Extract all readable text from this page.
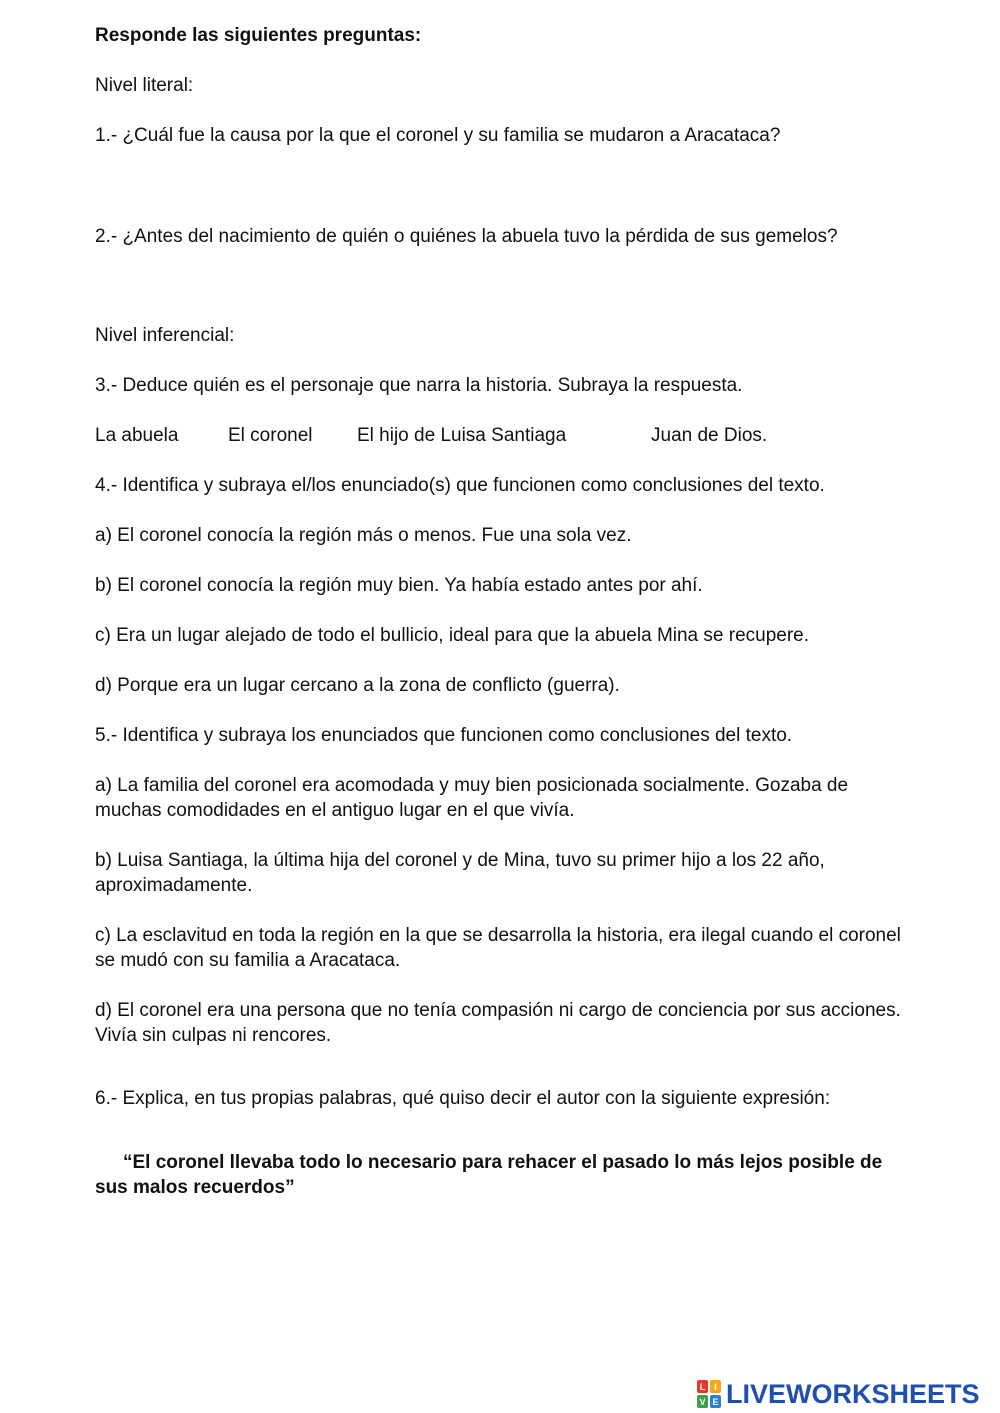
Responde las siguientes preguntas:

Nivel literal:

1.- ¿Cuál fue la causa por la que el coronel y su familia se mudaron a Aracataca?

2.- ¿Antes del nacimiento de quién o quiénes la abuela tuvo la pérdida de sus gemelos?

Nivel inferencial:

3.- Deduce quién es el personaje que narra la historia. Subraya la respuesta.

La abuela	El coronel El hijo de Luisa Santiaga	Juan de Dios.

4.- Identifica y subraya el/los enunciado(s) que funcionen como conclusiones del texto.

a) El coronel conocía la región más o menos. Fue una sola vez.

b) El coronel conocía la región muy bien. Ya había estado antes por ahí.

c) Era un lugar alejado de todo el bullicio, ideal para que la abuela Mina se recupere.

d) Porque era un lugar cercano a la zona de conflicto (guerra).

5.- Identifica y subraya los enunciados que funcionen como conclusiones del texto.

a) La familia del coronel era acomodada y muy bien posicionada socialmente. Gozaba de muchas comodidades en el antiguo lugar en el que vivía.

b) Luisa Santiaga, la última hija del coronel y de Mina, tuvo su primer hijo a los 22 año, aproximadamente.

c) La esclavitud en toda la región en la que se desarrolla la historia, era ilegal cuando el coronel se mudó con su familia a Aracataca.

d) El coronel era una persona que no tenía compasión ni cargo de conciencia por sus acciones. Vivía sin culpas ni rencores.

6.- Explica, en tus propias palabras, qué quiso decir el autor con la siguiente expresión:

“El coronel llevaba todo lo necesario para rehacer el pasado lo más lejos posible de sus malos recuerdos”

L I
V E LIVEWORKSHEETS
